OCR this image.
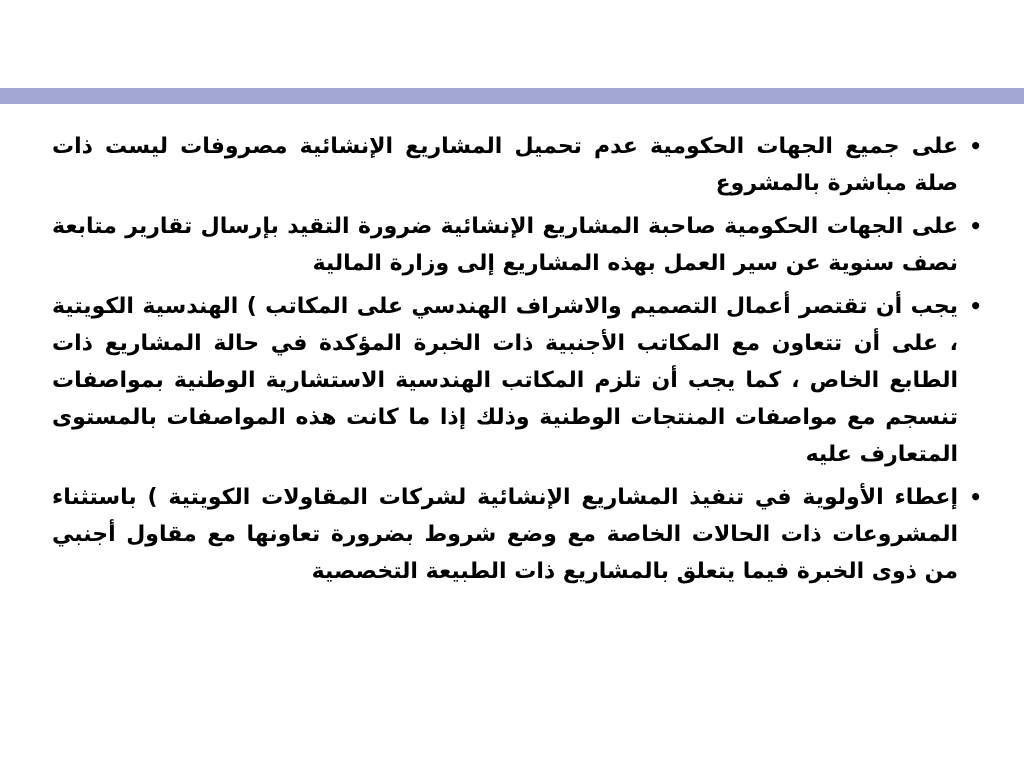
•
على جميع الجهات الحكومية عدم تحميل المشاريع الإنشائية مصروفات ليست ذات صلة مباشرة بالمشروع
•
على الجهات الحكومية صاحبة المشاريع الإنشائية ضرورة التقيد بإرسال تقارير متابعة نصف سنوية عن سير العمل بهذه المشاريع إلى وزارة المالية
•
يجب أن تقتصر أعمال التصميم والاشراف الهندسي على المكاتب ) الهندسية الكويتية ، على أن تتعاون مع المكاتب الأجنبية ذات الخبرة المؤكدة في حالة المشاريع ذات الطابع الخاص ، كما يجب أن تلزم المكاتب الهندسية الاستشارية الوطنية بمواصفات تنسجم مع مواصفات المنتجات الوطنية وذلك إذا ما كانت هذه المواصفات بالمستوى المتعارف عليه
•
إعطاء الأولوية في تنفيذ المشاريع الإنشائية لشركات المقاولات الكويتية ) باستثناء المشروعات ذات الحالات الخاصة مع وضع شروط بضرورة تعاونها مع مقاول أجنبي من ذوى الخبرة فيما يتعلق بالمشاريع ذات الطبيعة التخصصية
